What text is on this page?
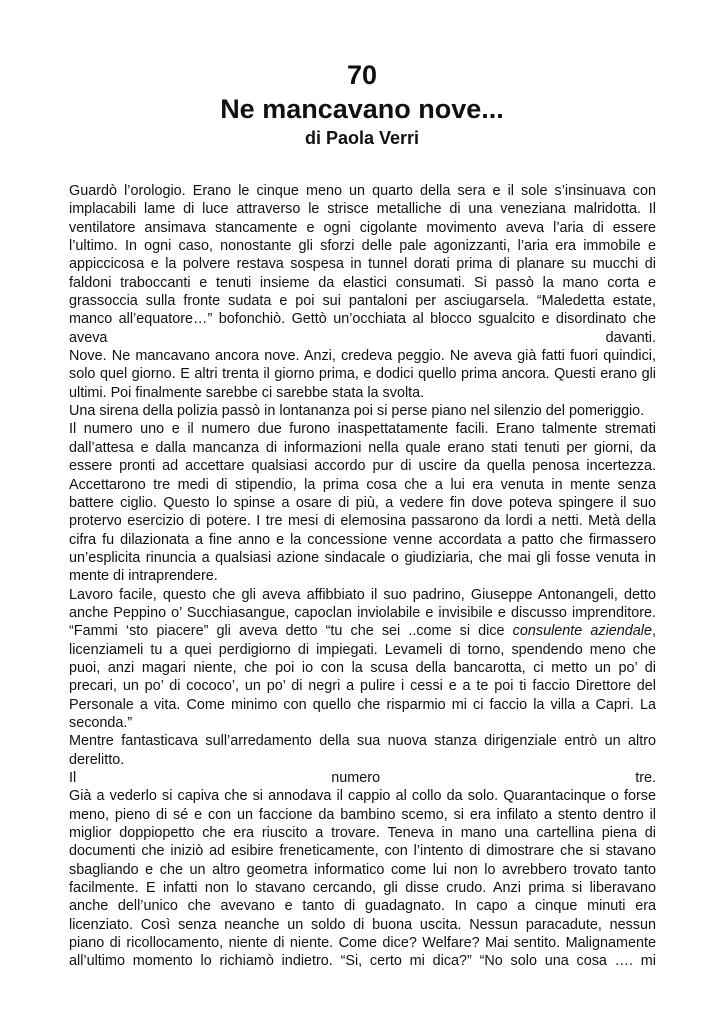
70
Ne mancavano nove...
di Paola Verri
Guardò l’orologio. Erano le cinque meno un quarto della sera e il sole s’insinuava con
implacabili lame di luce attraverso le strisce metalliche di una veneziana malridotta. Il
ventilatore ansimava stancamente e ogni cigolante movimento aveva l’aria di essere
l’ultimo. In ogni caso, nonostante gli sforzi delle pale agonizzanti, l’aria era immobile e
appiccicosa e la polvere restava sospesa in tunnel dorati prima di planare su mucchi di
faldoni traboccanti e tenuti insieme da elastici consumati. Si passò la mano corta e
grassoccia sulla fronte sudata e poi sui pantaloni per asciugarsela. “Maledetta estate,
manco all’equatore…” bofonchiò. Gettò un’occhiata al blocco sgualcito e disordinato che
aveva davanti.
Nove. Ne mancavano ancora nove. Anzi, credeva peggio. Ne aveva già fatti fuori quindici,
solo quel giorno. E altri trenta il giorno prima, e dodici quello prima ancora. Questi erano gli
ultimi. Poi finalmente sarebbe ci sarebbe stata la svolta.
Una sirena della polizia passò in lontananza poi si perse piano nel silenzio del pomeriggio.
Il numero uno e il numero due furono inaspettatamente facili. Erano talmente stremati
dall’attesa e dalla mancanza di informazioni nella quale erano stati tenuti per giorni, da
essere pronti ad accettare qualsiasi accordo pur di uscire da quella penosa incertezza.
Accettarono tre medi di stipendio, la prima cosa che a lui era venuta in mente senza
battere ciglio. Questo lo spinse a osare di più, a vedere fin dove poteva spingere il suo
protervo esercizio di potere. I tre mesi di elemosina passarono da lordi a netti. Metà della
cifra fu dilazionata a fine anno e la concessione venne accordata a patto che firmassero
un’esplicita rinuncia a qualsiasi azione sindacale o giudiziaria, che mai gli fosse venuta in
mente di intraprendere.
Lavoro facile, questo che gli aveva affibbiato il suo padrino, Giuseppe Antonangeli, detto
anche Peppino o’ Succhiasangue, capoclan inviolabile e invisibile e discusso imprenditore.
“Fammi ‘sto piacere” gli aveva detto “tu che sei ..come si dice consulente aziendale,
licenziameli tu a quei perdigiorno di impiegati. Levameli di torno, spendendo meno che
puoi, anzi magari niente, che poi io con la scusa della bancarotta, ci metto un po’ di
precari, un po’ di cococo’, un po’ di negri a pulire i cessi e a te poi ti faccio Direttore del
Personale a vita. Come minimo con quello che risparmio mi ci faccio la villa a Capri. La
seconda.”
Mentre fantasticava sull’arredamento della sua nuova stanza dirigenziale entrò un altro
derelitto.
Il numero tre.
Già a vederlo si capiva che si annodava il cappio al collo da solo. Quarantacinque o forse
meno, pieno di sé e con un faccione da bambino scemo, si era infilato a stento dentro il
miglior doppiopetto che era riuscito a trovare. Teneva in mano una cartellina piena di
documenti che iniziò ad esibire freneticamente, con l’intento di dimostrare che si stavano
sbagliando e che un altro geometra informatico come lui non lo avrebbero trovato tanto
facilmente. E infatti non lo stavano cercando, gli disse crudo. Anzi prima si liberavano
anche dell’unico che avevano e tanto di guadagnato. In capo a cinque minuti era
licenziato. Così senza neanche un soldo di buona uscita. Nessun paracadute, nessun
piano di ricollocamento, niente di niente. Come dice? Welfare? Mai sentito. Malignamente
all’ultimo momento lo richiamò indietro. “Si, certo mi dica?” “No solo una cosa …. mi
